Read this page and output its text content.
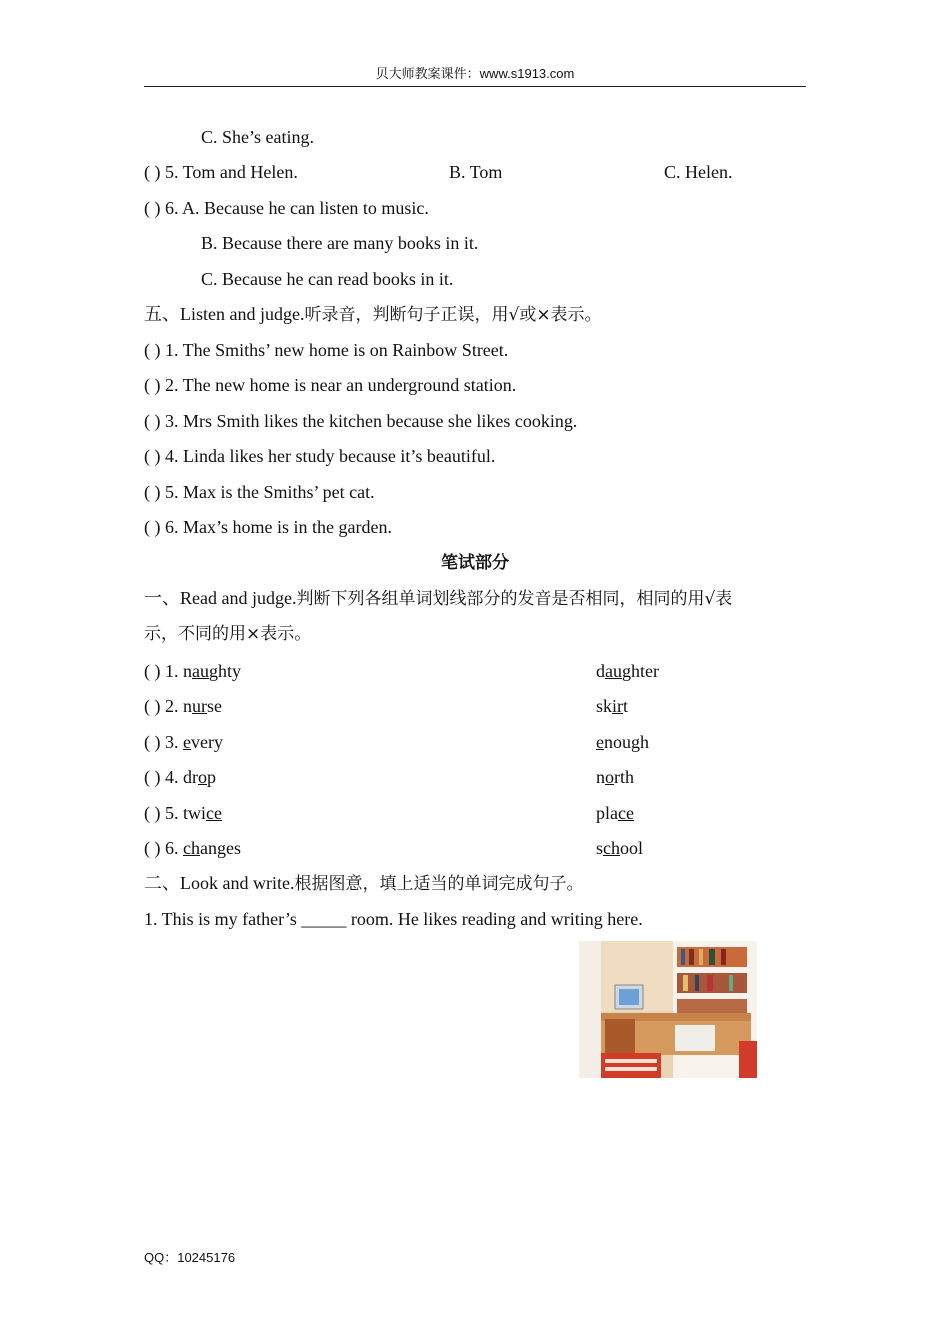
贝大师教案课件：www.s1913.com
C. She’s eating.
( ) 5. Tom and Helen.	B. Tom	C. Helen.
( ) 6. A. Because he can listen to music.
B. Because there are many books in it.
C. Because he can read books in it.
五、Listen and judge.听录音，判断句子正误，用√或×表示。
( ) 1. The Smiths’ new home is on Rainbow Street.
( ) 2. The new home is near an underground station.
( ) 3. Mrs Smith likes the kitchen because she likes cooking.
( ) 4. Linda likes her study because it’s beautiful.
( ) 5. Max is the Smiths’ pet cat.
( ) 6. Max’s home is in the garden.
笔试部分
一、Read and judge.判断下列各组单词划线部分的发音是否相同，相同的用√表
示，不同的用×表示。
( ) 1. naughty	daughter
( ) 2. nurse	skirt
( ) 3. every	enough
( ) 4. drop	north
( ) 5. twice	place
( ) 6. changes	school
二、Look and write.根据图意，填上适当的单词完成句子。
1. This is my father’s _____ room. He likes reading and writing here.
QQ：10245176
